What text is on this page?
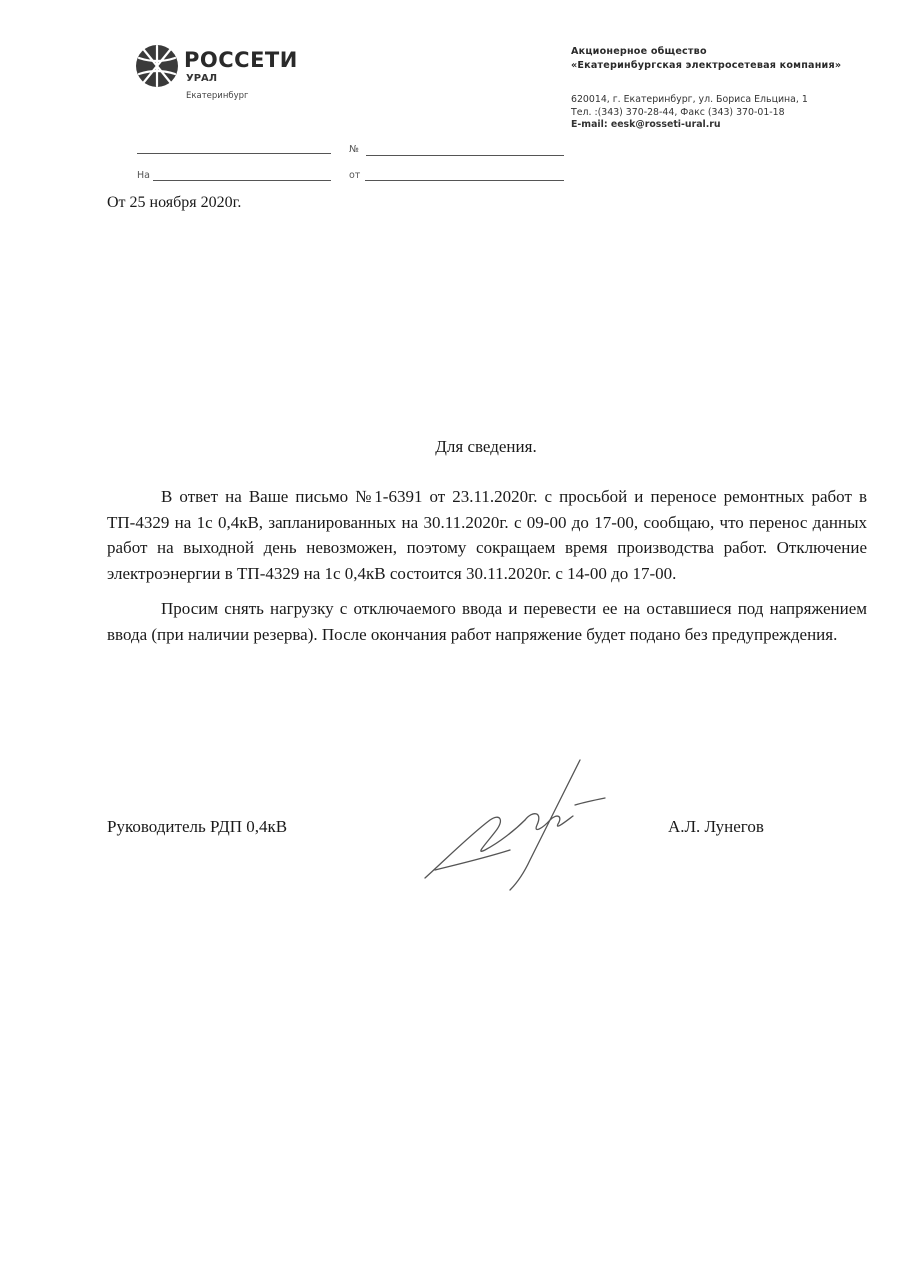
РОССЕТИ
УРАЛ
Екатеринбург
Акционерное общество
«Екатеринбургская электросетевая компания»
620014, г. Екатеринбург, ул. Бориса Ельцина, 1
Тел. :(343) 370-28-44, Факс (343) 370-01-18
E-mail: eesk@rosseti-ural.ru
№
На	от
От 25 ноября 2020г.
Для сведения.

В ответ на Ваше письмо №1-6391 от 23.11.2020г. с просьбой и переносе ремонтных работ в ТП-4329 на 1с 0,4кВ, запланированных на 30.11.2020г. с 09-00 до 17-00, сообщаю, что перенос данных работ на выходной день невозможен, поэтому сокращаем время производства работ. Отключение электроэнергии в ТП-4329 на 1с 0,4кВ состоится 30.11.2020г. с 14-00 до 17-00.

Просим снять нагрузку с отключаемого ввода и перевести ее на оставшиеся под напряжением ввода (при наличии резерва). После окончания работ напряжение будет подано без предупреждения.

Руководитель РДП 0,4кВ	А.Л. Лунегов
